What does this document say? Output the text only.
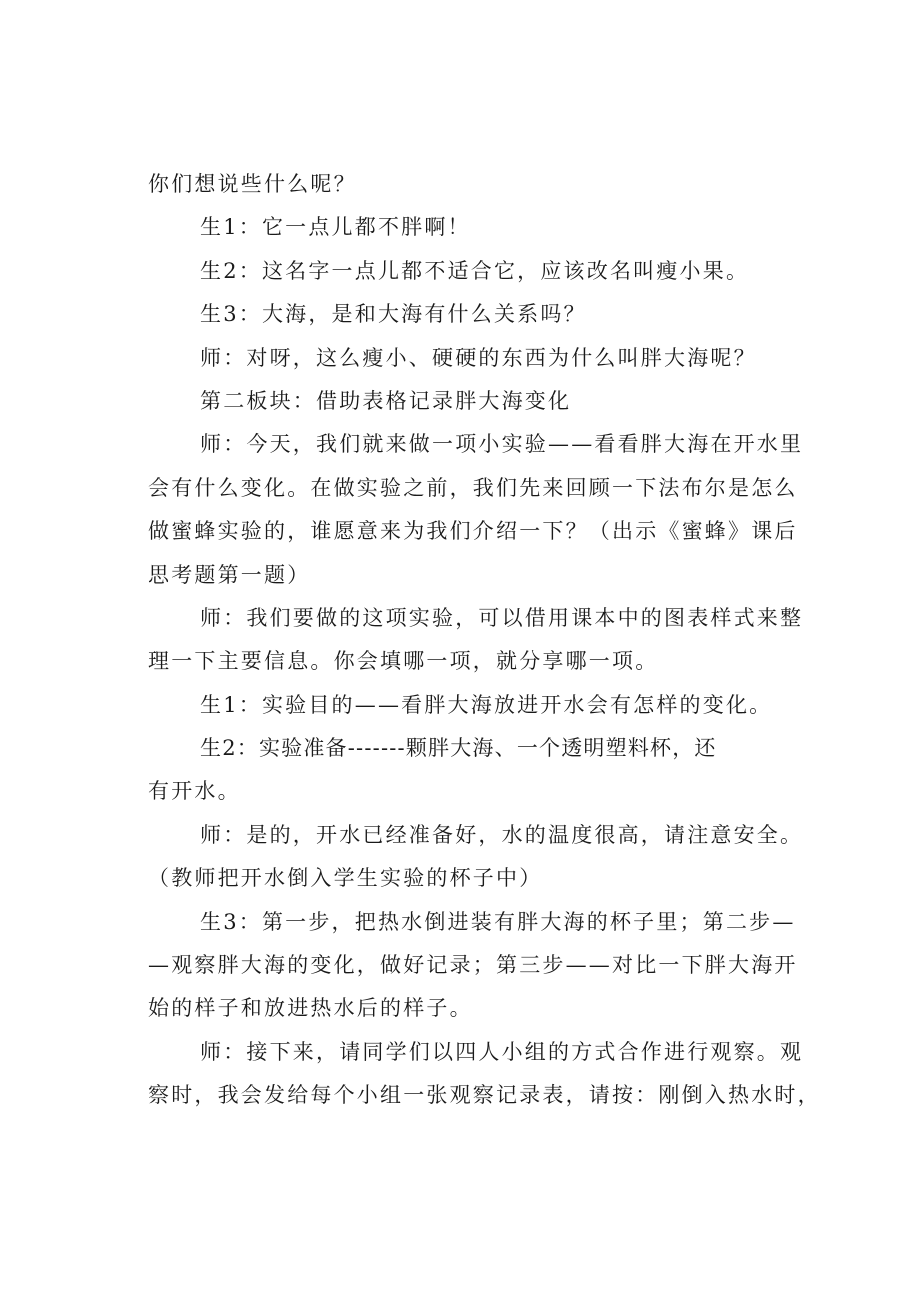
你们想说些什么呢？
生1：它一点儿都不胖啊！
生2：这名字一点儿都不适合它，应该改名叫瘦小果。
生3：大海，是和大海有什么关系吗？
师：对呀，这么瘦小、硬硬的东西为什么叫胖大海呢？
第二板块：借助表格记录胖大海变化
师：今天，我们就来做一项小实验——看看胖大海在开水里
会有什么变化。在做实验之前，我们先来回顾一下法布尔是怎么
做蜜蜂实验的，谁愿意来为我们介绍一下？（出示《蜜蜂》课后
思考题第一题）
师：我们要做的这项实验，可以借用课本中的图表样式来整
理一下主要信息。你会填哪一项，就分享哪一项。
生1：实验目的——看胖大海放进开水会有怎样的变化。
生2：实验准备-------颗胖大海、一个透明塑料杯，还
有开水。
师：是的，开水已经准备好，水的温度很高，请注意安全。
（教师把开水倒入学生实验的杯子中）
生3：第一步，把热水倒进装有胖大海的杯子里；第二步—
—观察胖大海的变化，做好记录；第三步——对比一下胖大海开
始的样子和放进热水后的样子。
师：接下来，请同学们以四人小组的方式合作进行观察。观
察时，我会发给每个小组一张观察记录表，请按：刚倒入热水时，
